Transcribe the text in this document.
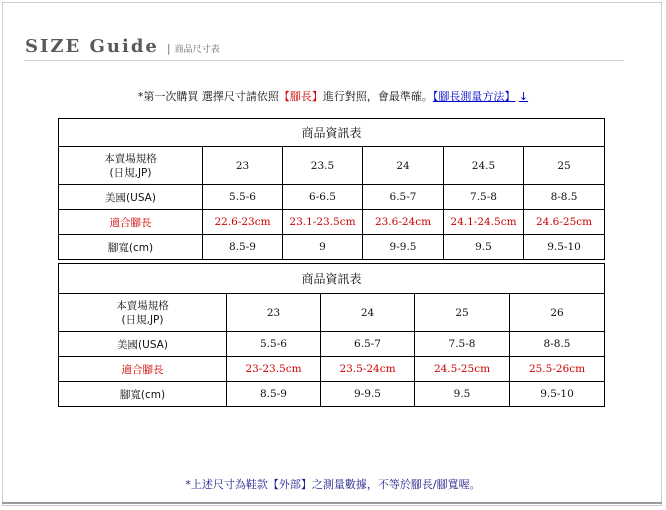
SIZE Guide | 商品尺寸表
*第一次購買 選擇尺寸請依照【腳長】進行對照，會最準確。【腳長測量方法】 ↓
商品資訊表					

本賣場規格
(日規,JP)	23	23.5	24	24.5	25
美國(USA)	5.5-6	6-6.5	6.5-7	7.5-8	8-8.5
適合腳長	22.6-23cm	23.1-23.5cm	23.6-24cm	24.1-24.5cm	24.6-25cm
腳寬(cm)	8.5-9	9	9-9.5	9.5	9.5-10
商品資訊表				

本賣場規格
(日規,JP)	23	24	25	26
美國(USA)	5.5-6	6.5-7	7.5-8	8-8.5
適合腳長	23-23.5cm	23.5-24cm	24.5-25cm	25.5-26cm
腳寬(cm)	8.5-9	9-9.5	9.5	9.5-10
*上述尺寸為鞋款【外部】之測量數據，不等於腳長/腳寬喔。
